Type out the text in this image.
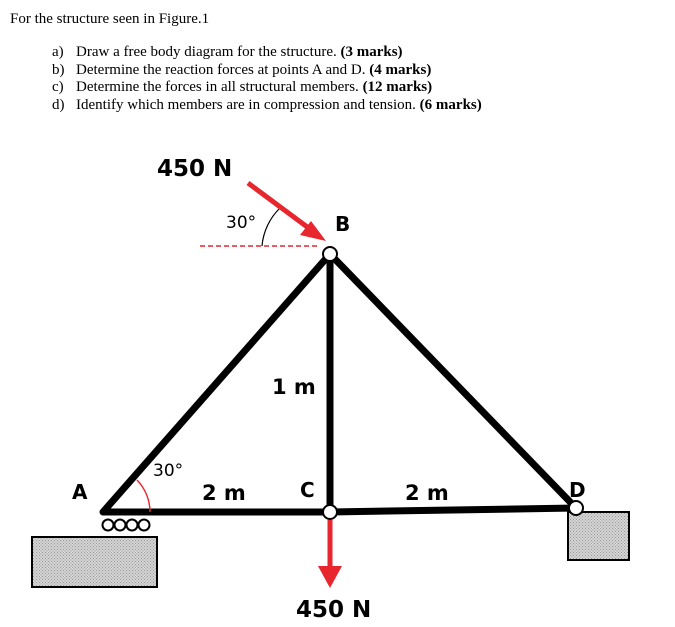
For the structure seen in Figure.1

a) Draw a free body diagram for the structure. (3 marks)
b) Determine the reaction forces at points A and D. (4 marks)
c) Determine the forces in all structural members. (12 marks)
d) Identify which members are in compression and tension. (6 marks)
450 N
30°	B
1 m
A
30°
2 m	C	2 m	D
450 N
